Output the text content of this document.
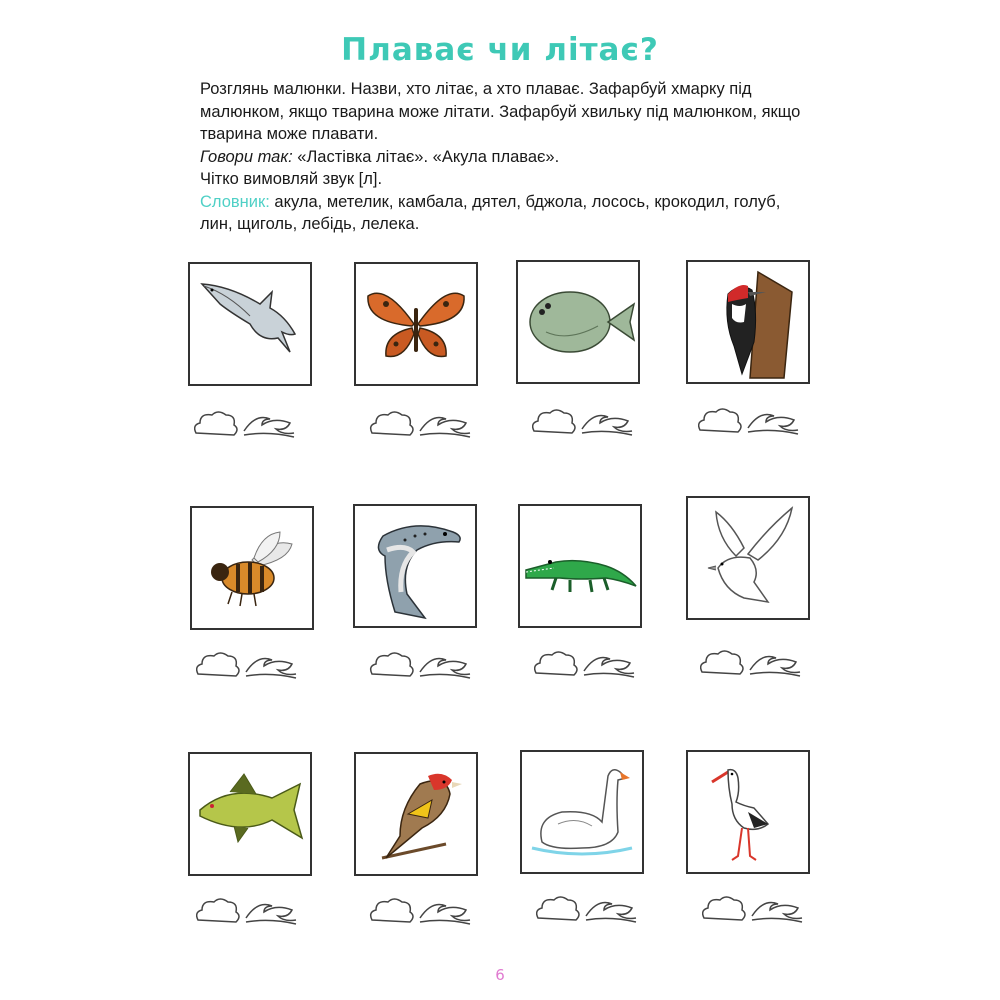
Плаває чи літає?

Розглянь малюнки. Назви, хто літає, а хто плаває. Зафарбуй хмарку під малюнком, якщо тварина може літати. Зафарбуй хвильку під малюнком, якщо тварина може плавати.

Говори так: «Ластівка літає». «Акула плаває».

Чітко вимовляй звук [л].

Словник: акула, метелик, камбала, дятел, бджола, лосось, крокодил, голуб, лин, щиголь, лебідь, лелека.

6
